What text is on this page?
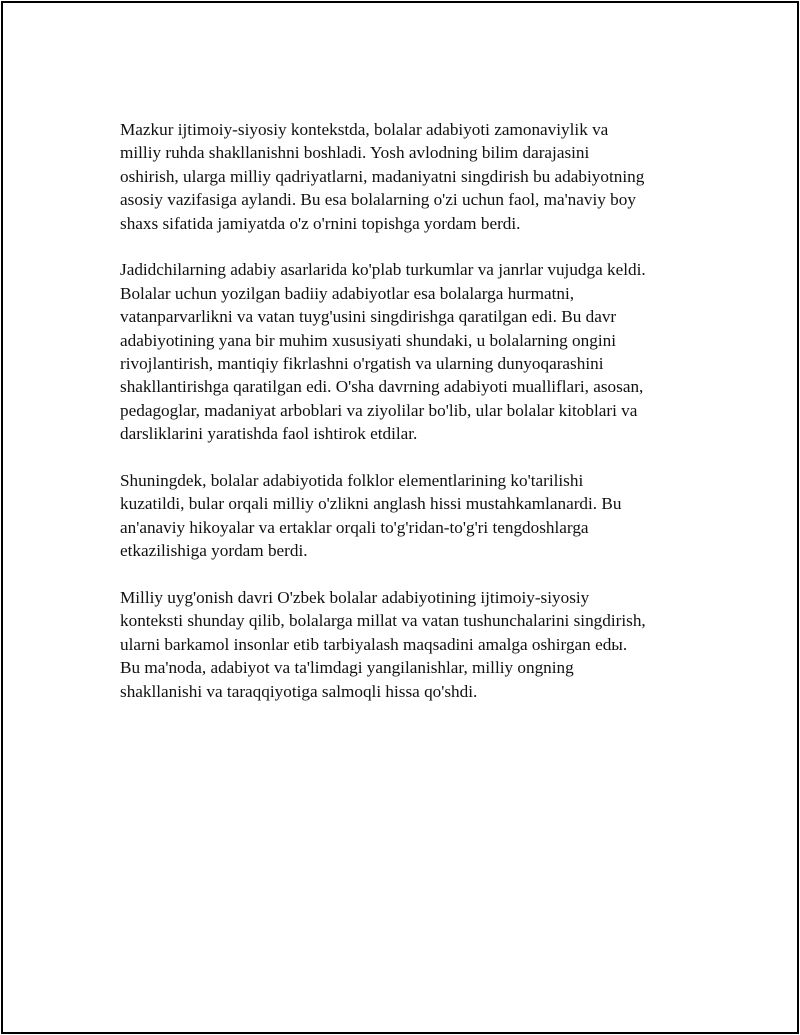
Mazkur ijtimoiy-siyosiy kontekstda, bolalar adabiyoti zamonaviylik va
milliy ruhda shakllanishni boshladi. Yosh avlodning bilim darajasini
oshirish, ularga milliy qadriyatlarni, madaniyatni singdirish bu adabiyotning
asosiy vazifasiga aylandi. Bu esa bolalarning o'zi uchun faol, ma'naviy boy
shaxs sifatida jamiyatda o'z o'rnini topishga yordam berdi.

Jadidchilarning adabiy asarlarida ko'plab turkumlar va janrlar vujudga keldi.
Bolalar uchun yozilgan badiiy adabiyotlar esa bolalarga hurmatni,
vatanparvarlikni va vatan tuyg'usini singdirishga qaratilgan edi. Bu davr
adabiyotining yana bir muhim xususiyati shundaki, u bolalarning ongini
rivojlantirish, mantiqiy fikrlashni o'rgatish va ularning dunyoqarashini
shakllantirishga qaratilgan edi. O'sha davrning adabiyoti mualliflari, asosan,
pedagoglar, madaniyat arboblari va ziyolilar bo'lib, ular bolalar kitoblari va
darsliklarini yaratishda faol ishtirok etdilar.

Shuningdek, bolalar adabiyotida folklor elementlarining ko'tarilishi
kuzatildi, bular orqali milliy o'zlikni anglash hissi mustahkamlanardi. Bu
an'anaviy hikoyalar va ertaklar orqali to'g'ridan-to'g'ri tengdoshlarga
etkazilishiga yordam berdi.

Milliy uyg'onish davri O'zbek bolalar adabiyotining ijtimoiy-siyosiy
konteksti shunday qilib, bolalarga millat va vatan tushunchalarini singdirish,
ularni barkamol insonlar etib tarbiyalash maqsadini amalga oshirgan edы.
Bu ma'noda, adabiyot va ta'limdagi yangilanishlar, milliy ongning
shakllanishi va taraqqiyotiga salmoqli hissa qo'shdi.
